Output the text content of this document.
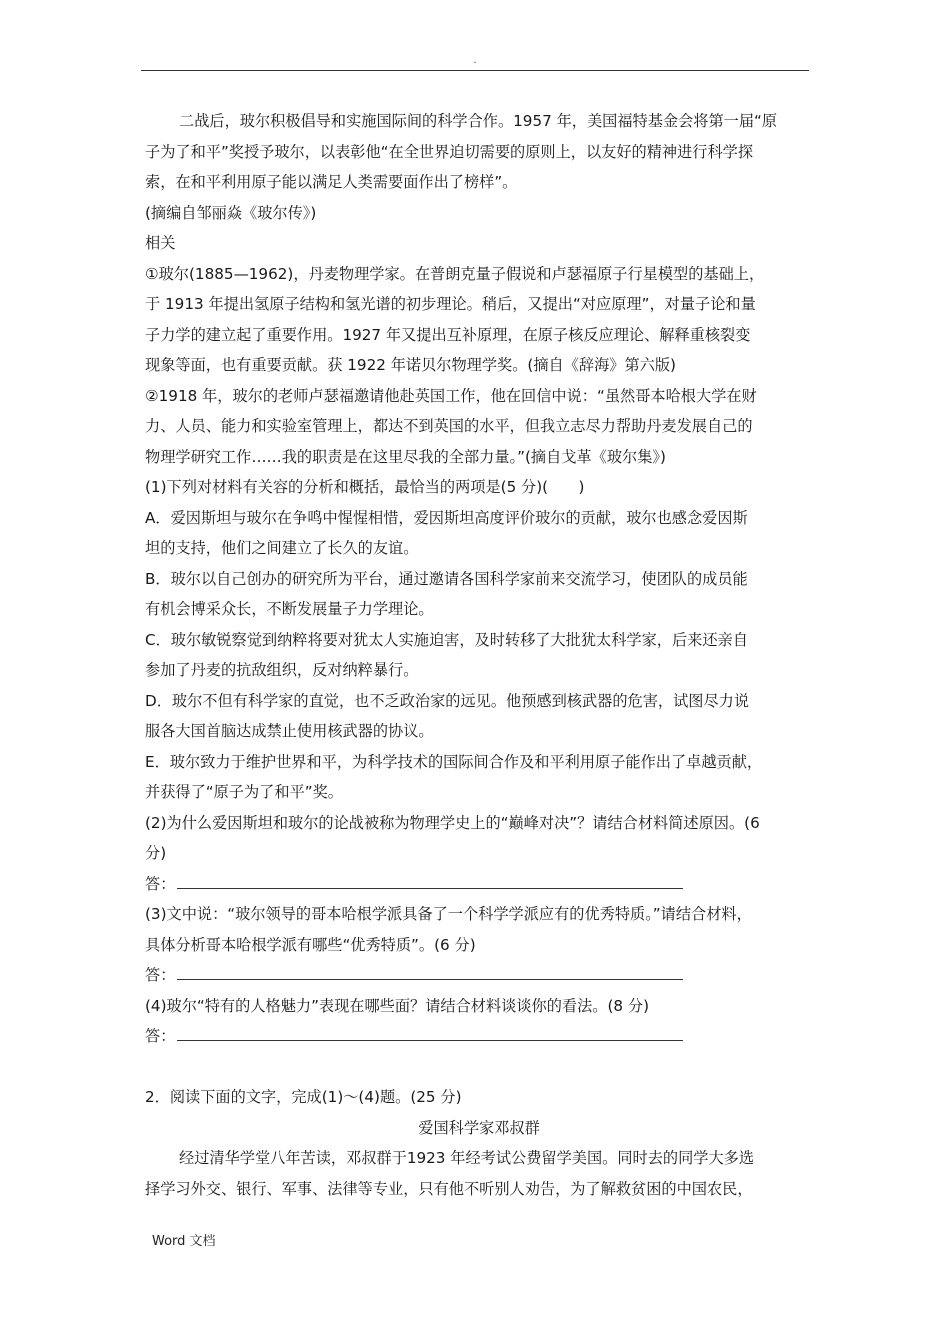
.
二战后，玻尔积极倡导和实施国际间的科学合作。1957 年，美国福特基金会将第一届“原
子为了和平”奖授予玻尔，以表彰他“在全世界迫切需要的原则上，以友好的精神进行科学探
索，在和平利用原子能以满足人类需要面作出了榜样”。
(摘编自邹丽焱《玻尔传》)
相关
①玻尔(1885—1962)，丹麦物理学家。在普朗克量子假说和卢瑟福原子行星模型的基础上，
于 1913 年提出氢原子结构和氢光谱的初步理论。稍后，又提出“对应原理”，对量子论和量
子力学的建立起了重要作用。1927 年又提出互补原理，在原子核反应理论、解释重核裂变
现象等面，也有重要贡献。获 1922 年诺贝尔物理学奖。(摘自《辞海》第六版)
②1918 年，玻尔的老师卢瑟福邀请他赴英国工作，他在回信中说：“虽然哥本哈根大学在财
力、人员、能力和实验室管理上，都达不到英国的水平，但我立志尽力帮助丹麦发展自己的
物理学研究工作……我的职责是在这里尽我的全部力量。”(摘自戈革《玻尔集》)
(1)下列对材料有关容的分析和概括，最恰当的两项是(5 分)(　　)
A．爱因斯坦与玻尔在争鸣中惺惺相惜，爱因斯坦高度评价玻尔的贡献，玻尔也感念爱因斯
坦的支持，他们之间建立了长久的友谊。
B．玻尔以自己创办的研究所为平台，通过邀请各国科学家前来交流学习，使团队的成员能
有机会博采众长，不断发展量子力学理论。
C．玻尔敏锐察觉到纳粹将要对犹太人实施迫害，及时转移了大批犹太科学家，后来还亲自
参加了丹麦的抗敌组织，反对纳粹暴行。
D．玻尔不但有科学家的直觉，也不乏政治家的远见。他预感到核武器的危害，试图尽力说
服各大国首脑达成禁止使用核武器的协议。
E．玻尔致力于维护世界和平，为科学技术的国际间合作及和平利用原子能作出了卓越贡献，
并获得了“原子为了和平”奖。
(2)为什么爱因斯坦和玻尔的论战被称为物理学史上的“巅峰对决”？请结合材料简述原因。(6
分)
答：
(3)文中说：“玻尔领导的哥本哈根学派具备了一个科学学派应有的优秀特质。”请结合材料，
具体分析哥本哈根学派有哪些“优秀特质”。(6 分)
答：
(4)玻尔“特有的人格魅力”表现在哪些面？请结合材料谈谈你的看法。(8 分)
答：
2．阅读下面的文字，完成(1)～(4)题。(25 分)
爱国科学家邓叔群
经过清华学堂八年苦读，邓叔群于1923 年经考试公费留学美国。同时去的同学大多选
择学习外交、银行、军事、法律等专业，只有他不听别人劝告，为了解救贫困的中国农民，
Word 文档
